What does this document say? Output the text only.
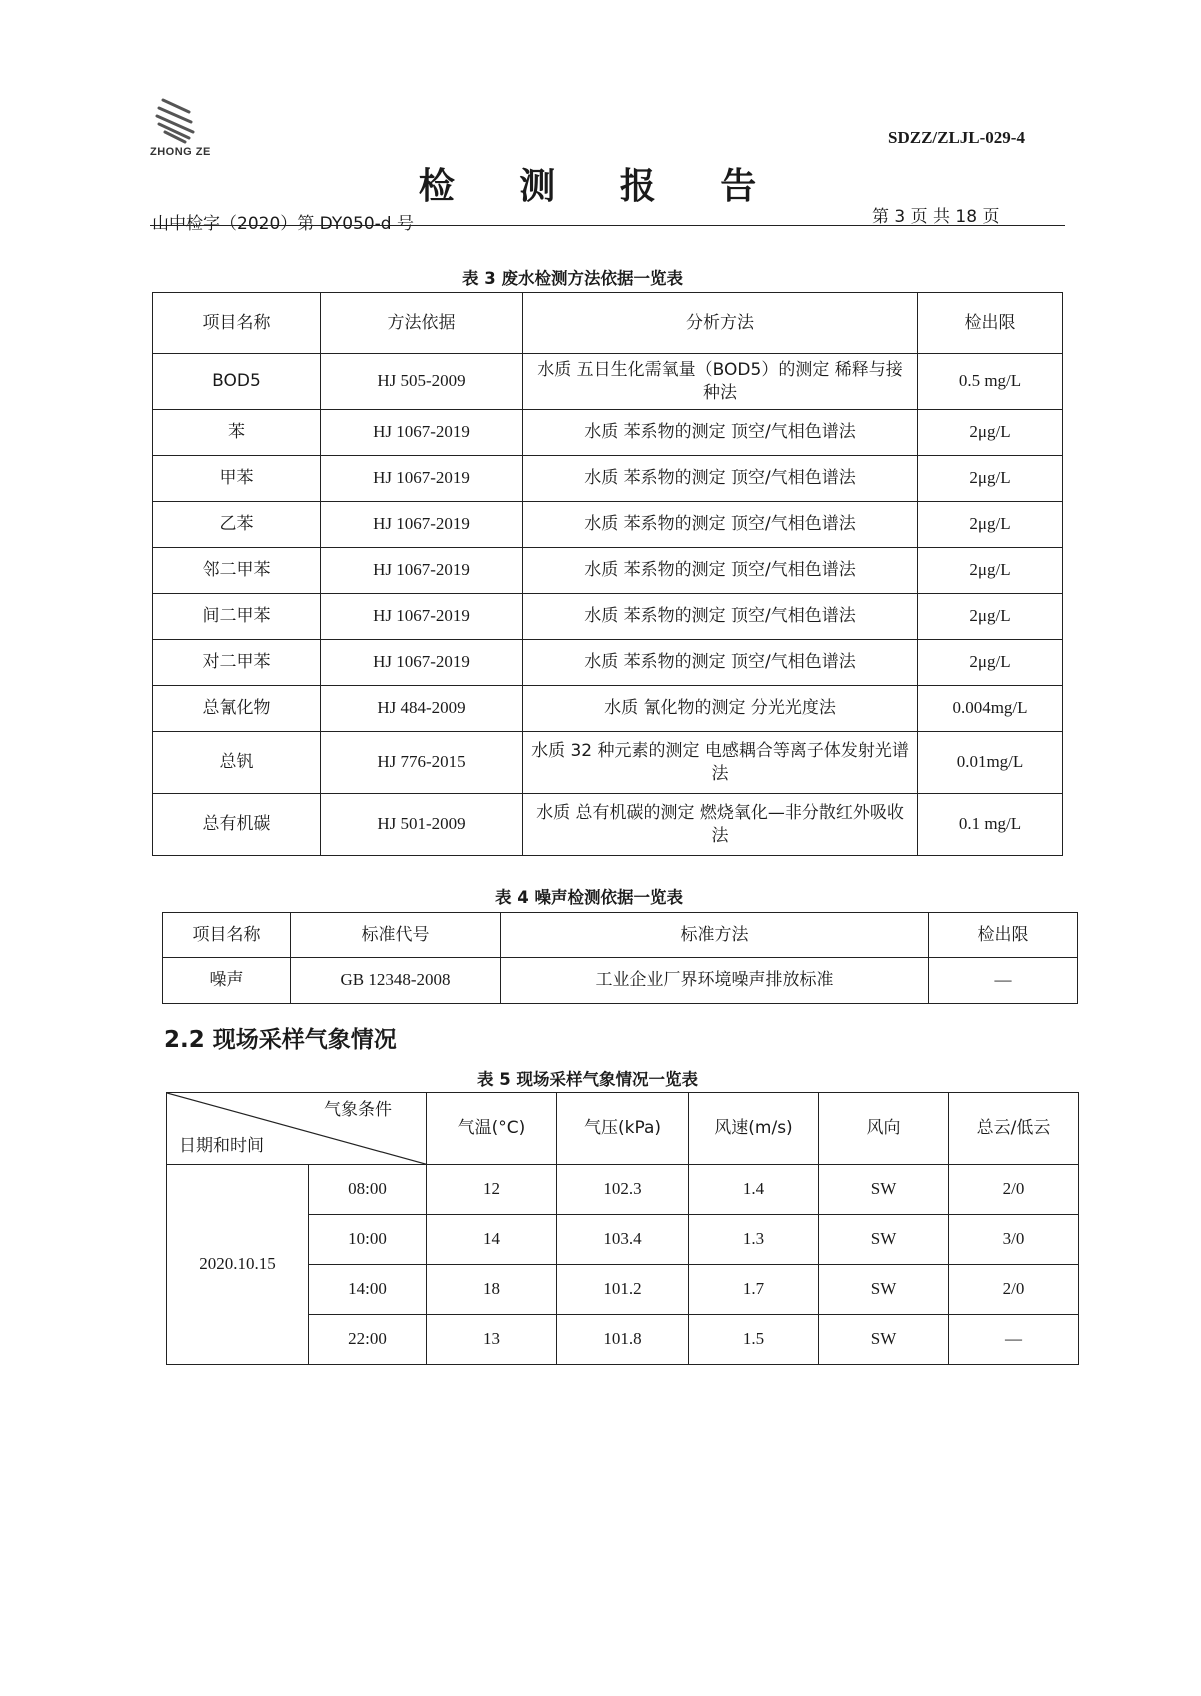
ZHONG ZE
SDZZ/ZLJL-029-4
检 测 报 告
山中检字（2020）第 DY050-d 号	第 3 页 共 18 页
表 3 废水检测方法依据一览表
项目名称	方法依据	分析方法	检出限
BOD5	HJ 505-2009	水质 五日生化需氧量（BOD5）的测定 稀释与接种法	0.5 mg/L
苯	HJ 1067-2019	水质 苯系物的测定 顶空/气相色谱法	2μg/L
甲苯	HJ 1067-2019	水质 苯系物的测定 顶空/气相色谱法	2μg/L
乙苯	HJ 1067-2019	水质 苯系物的测定 顶空/气相色谱法	2μg/L
邻二甲苯	HJ 1067-2019	水质 苯系物的测定 顶空/气相色谱法	2μg/L
间二甲苯	HJ 1067-2019	水质 苯系物的测定 顶空/气相色谱法	2μg/L
对二甲苯	HJ 1067-2019	水质 苯系物的测定 顶空/气相色谱法	2μg/L
总氰化物	HJ 484-2009	水质 氰化物的测定 分光光度法	0.004mg/L
总钒	HJ 776-2015	水质 32 种元素的测定 电感耦合等离子体发射光谱法	0.01mg/L
总有机碳	HJ 501-2009	水质 总有机碳的测定 燃烧氧化—非分散红外吸收法	0.1 mg/L
表 4 噪声检测依据一览表
项目名称	标准代号	标准方法	检出限
噪声	GB 12348-2008	工业企业厂界环境噪声排放标准	—
2.2 现场采样气象情况
表 5 现场采样气象情况一览表
气象条件
日期和时间		气温(°C)	气压(kPa)	风速(m/s)	风向	总云/低云
2020.10.15	08:00	12	102.3	1.4	SW	2/0
	10:00	14	103.4	1.3	SW	3/0
	14:00	18	101.2	1.7	SW	2/0
	22:00	13	101.8	1.5	SW	—
